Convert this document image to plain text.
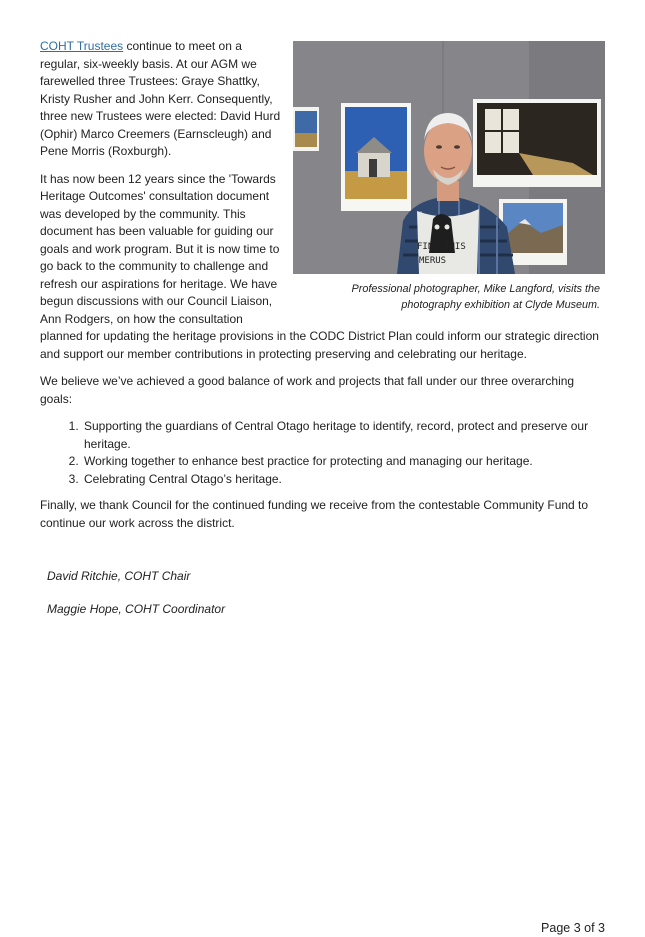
FIND THIS
MERUS
Professional photographer, Mike Langford, visits the photography exhibition at Clyde Museum.

COHT Trustees continue to meet on a regular, six-weekly basis. At our AGM we farewelled three Trustees: Graye Shattky, Kristy Rusher and John Kerr. Consequently, three new Trustees were elected: David Hurd (Ophir) Marco Creemers (Earnscleugh) and Pene Morris (Roxburgh).

It has now been 12 years since the 'Towards Heritage Outcomes' consultation document was developed by the community. This document has been valuable for guiding our goals and work program. But it is now time to go back to the community to challenge and refresh our aspirations for heritage. We have begun discussions with our Council Liaison, Ann Rodgers, on how the consultation planned for updating the heritage provisions in the CODC District Plan could inform our strategic direction and support our member contributions in protecting preserving and celebrating our heritage.

We believe we’ve achieved a good balance of work and projects that fall under our three overarching goals:

1. Supporting the guardians of Central Otago heritage to identify, record, protect and preserve our heritage.
2. Working together to enhance best practice for protecting and managing our heritage.
3. Celebrating Central Otago’s heritage.

Finally, we thank Council for the continued funding we receive from the contestable Community Fund to continue our work across the district.

David Ritchie, COHT Chair

Maggie Hope, COHT Coordinator

Page 3 of 3
